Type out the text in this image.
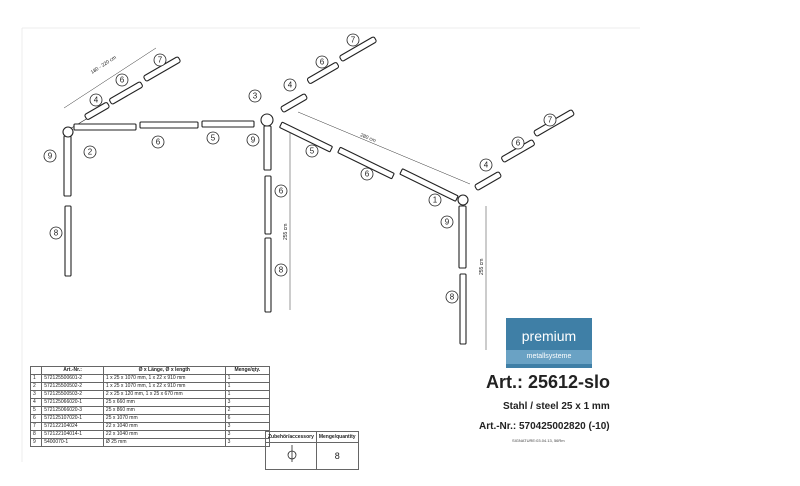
180 - 220 cm
280 cm
255 cm
255 cm
7
6
4
6	5
9	2
8
3
4
6
7
9
5
6
6
8
4
6
7
1
9
8
	Art.-Nr.:	Ø x Länge, Ø x length	Menge/qty.
1	572125500601-2	1 x 25 x 1070 mm, 1 x 22 x 910 mm	1
2	572125500502-2	1 x 25 x 1070 mm, 1 x 22 x 910 mm	1
3	572125500503-2	2 x 25 x 120 mm, 1 x 25 x 670 mm	1
4	572125066020-1	25 x 660 mm	3
5	572125066020-3	25 x 860 mm	2
6	572125107020-1	25 x 1070 mm	6
7	572122104024	22 x 1040 mm	3
8	572122104014-1	22 x 1040 mm	3
9	5400070-1	Ø 25 mm	3
Zubehör/accessory	Menge/quantity
	8
premium
metallsysteme
Art.: 25612-slo
Stahl / steel 25 x 1 mm
Art.-Nr.: 570425002820 (-10)
SIGNATURE:03.04.13, 56Rm
